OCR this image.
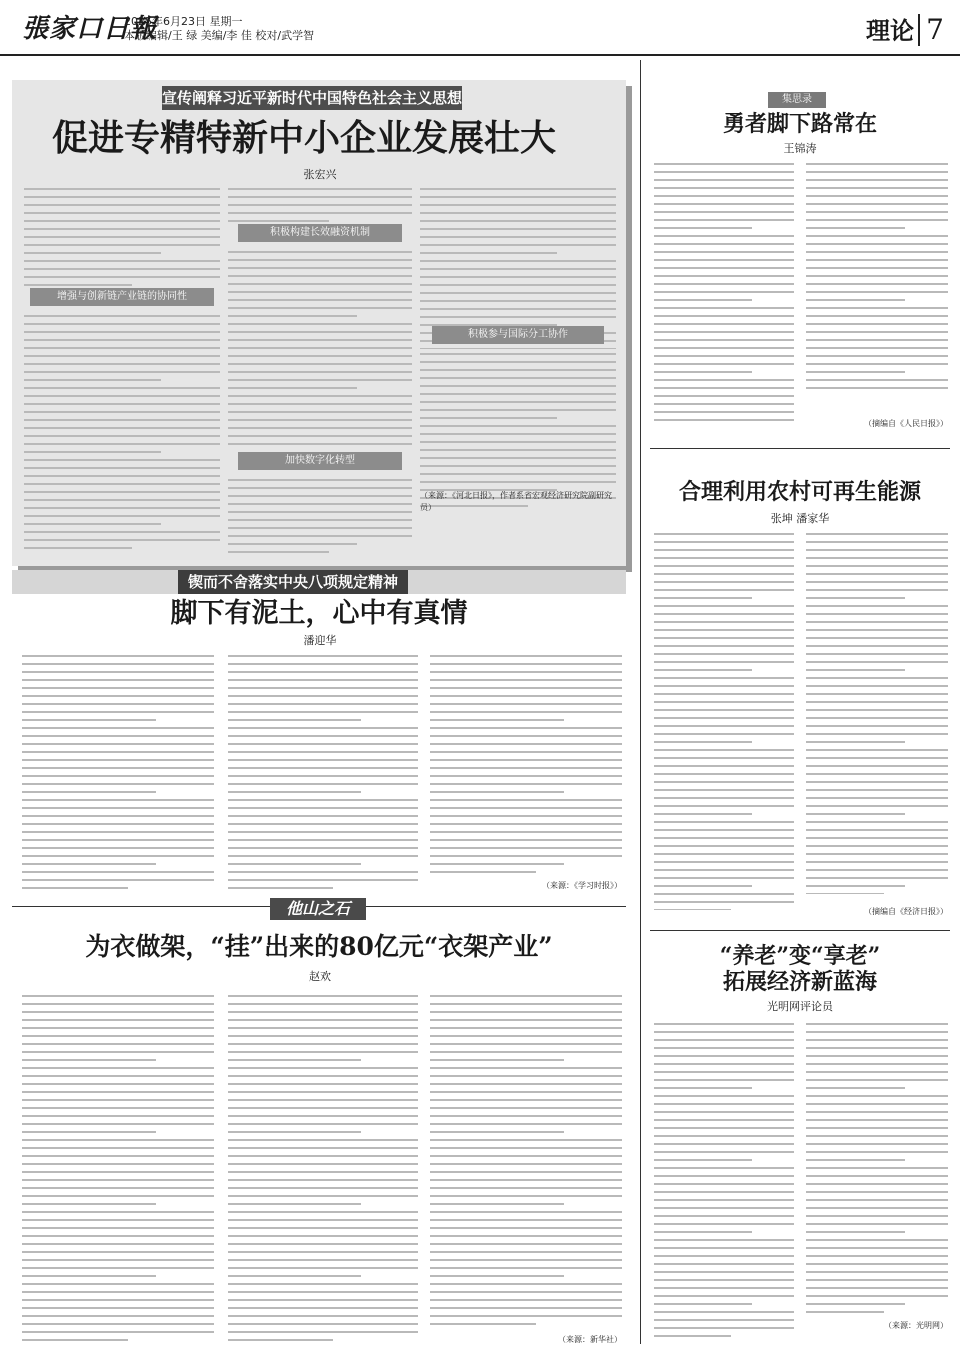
張家口日報
2025年6月23日 星期一
本版编辑/王 绿 美编/李 佳 校对/武学智	理论 7
宣传阐释习近平新时代中国特色社会主义思想
促进专精特新中小企业发展壮大
张宏兴
增强与创新链产业链的协同性
积极构建长效融资机制
加快数字化转型
积极参与国际分工协作
（来源：《河北日报》，作者系省宏观经济研究院副研究员）
锲而不舍落实中央八项规定精神
脚下有泥土，心中有真情
潘迎华
（来源：《学习时报》）
他山之石
为衣做架，“挂”出来的80亿元“衣架产业”
赵欢
（来源：新华社）
集思录
勇者脚下路常在
王锦涛
（摘编自《人民日报》）
合理利用农村可再生能源
张坤 潘家华
（摘编自《经济日报》）
“养老”变“享老”
拓展经济新蓝海
光明网评论员
（来源：光明网）
